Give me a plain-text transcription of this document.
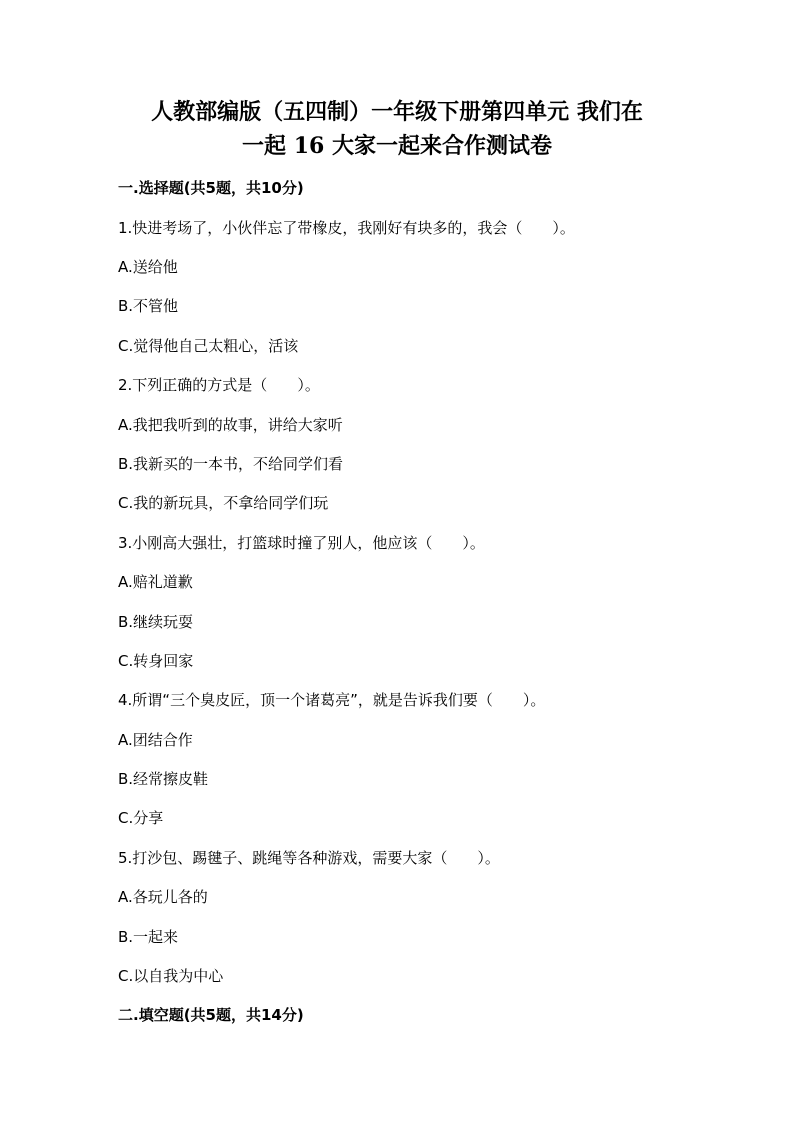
人教部编版（五四制）一年级下册第四单元 我们在
一起 16 大家一起来合作测试卷
一.选择题(共5题，共10分)
1.快进考场了，小伙伴忘了带橡皮，我刚好有块多的，我会（　　）。
A.送给他
B.不管他
C.觉得他自己太粗心，活该
2.下列正确的方式是（　　）。
A.我把我听到的故事，讲给大家听
B.我新买的一本书，不给同学们看
C.我的新玩具，不拿给同学们玩
3.小刚高大强壮，打篮球时撞了别人，他应该（　　）。
A.赔礼道歉
B.继续玩耍
C.转身回家
4.所谓“三个臭皮匠，顶一个诸葛亮”，就是告诉我们要（　　）。
A.团结合作
B.经常擦皮鞋
C.分享
5.打沙包、踢毽子、跳绳等各种游戏，需要大家（　　）。
A.各玩儿各的
B.一起来
C.以自我为中心
二.填空题(共5题，共14分)
